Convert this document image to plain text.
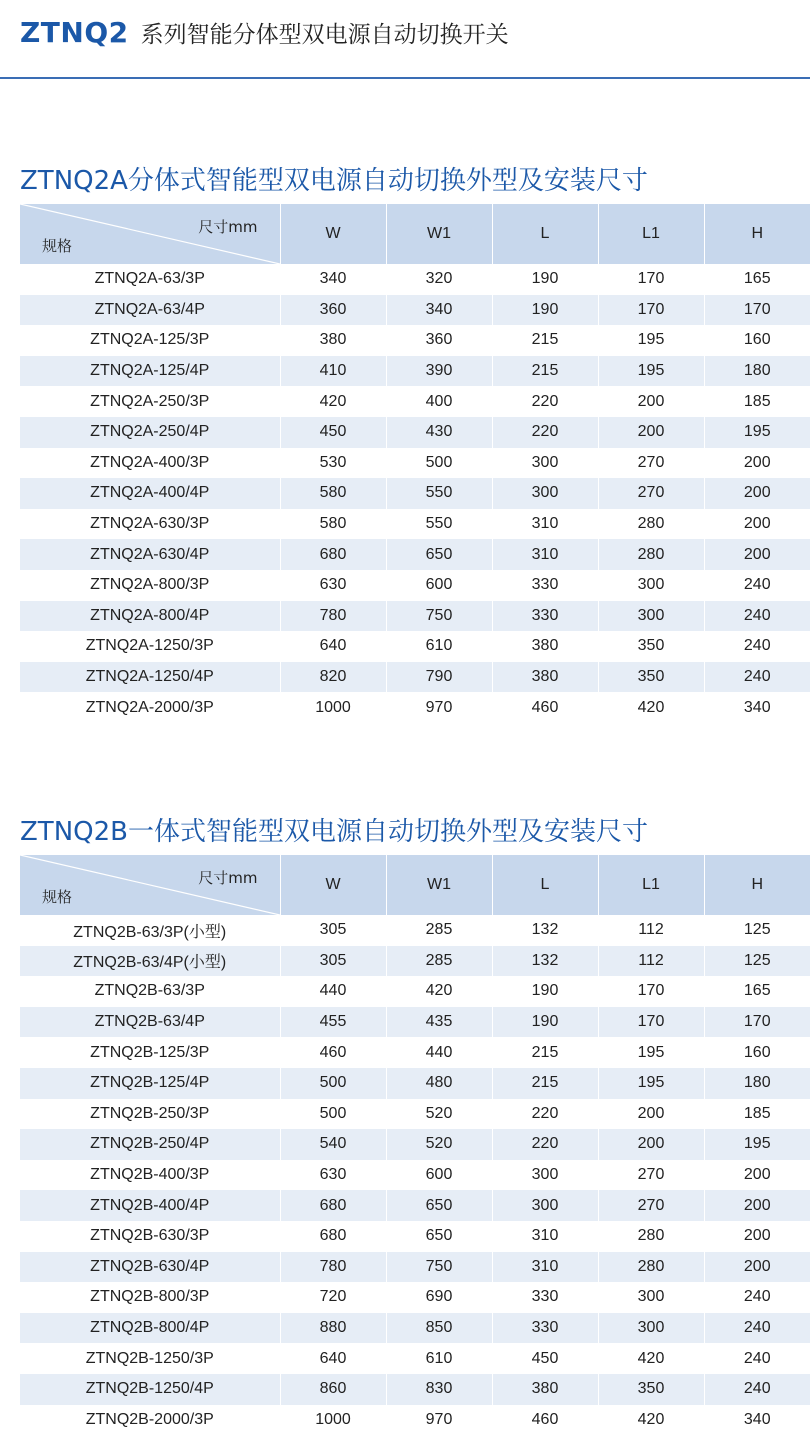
ZTNQ2 系列智能分体型双电源自动切换开关
ZTNQ2A分体式智能型双电源自动切换外型及安装尺寸
尺寸mm
规格	W	W1	L	L1	H
ZTNQ2A-63/3P	340	320	190	170	165
ZTNQ2A-63/4P	360	340	190	170	170
ZTNQ2A-125/3P	380	360	215	195	160
ZTNQ2A-125/4P	410	390	215	195	180
ZTNQ2A-250/3P	420	400	220	200	185
ZTNQ2A-250/4P	450	430	220	200	195
ZTNQ2A-400/3P	530	500	300	270	200
ZTNQ2A-400/4P	580	550	300	270	200
ZTNQ2A-630/3P	580	550	310	280	200
ZTNQ2A-630/4P	680	650	310	280	200
ZTNQ2A-800/3P	630	600	330	300	240
ZTNQ2A-800/4P	780	750	330	300	240
ZTNQ2A-1250/3P	640	610	380	350	240
ZTNQ2A-1250/4P	820	790	380	350	240
ZTNQ2A-2000/3P	1000	970	460	420	340
ZTNQ2B一体式智能型双电源自动切换外型及安装尺寸
尺寸mm
规格	W	W1	L	L1	H
ZTNQ2B-63/3P(小型)	305	285	132	112	125
ZTNQ2B-63/4P(小型)	305	285	132	112	125
ZTNQ2B-63/3P	440	420	190	170	165
ZTNQ2B-63/4P	455	435	190	170	170
ZTNQ2B-125/3P	460	440	215	195	160
ZTNQ2B-125/4P	500	480	215	195	180
ZTNQ2B-250/3P	500	520	220	200	185
ZTNQ2B-250/4P	540	520	220	200	195
ZTNQ2B-400/3P	630	600	300	270	200
ZTNQ2B-400/4P	680	650	300	270	200
ZTNQ2B-630/3P	680	650	310	280	200
ZTNQ2B-630/4P	780	750	310	280	200
ZTNQ2B-800/3P	720	690	330	300	240
ZTNQ2B-800/4P	880	850	330	300	240
ZTNQ2B-1250/3P	640	610	450	420	240
ZTNQ2B-1250/4P	860	830	380	350	240
ZTNQ2B-2000/3P	1000	970	460	420	340
